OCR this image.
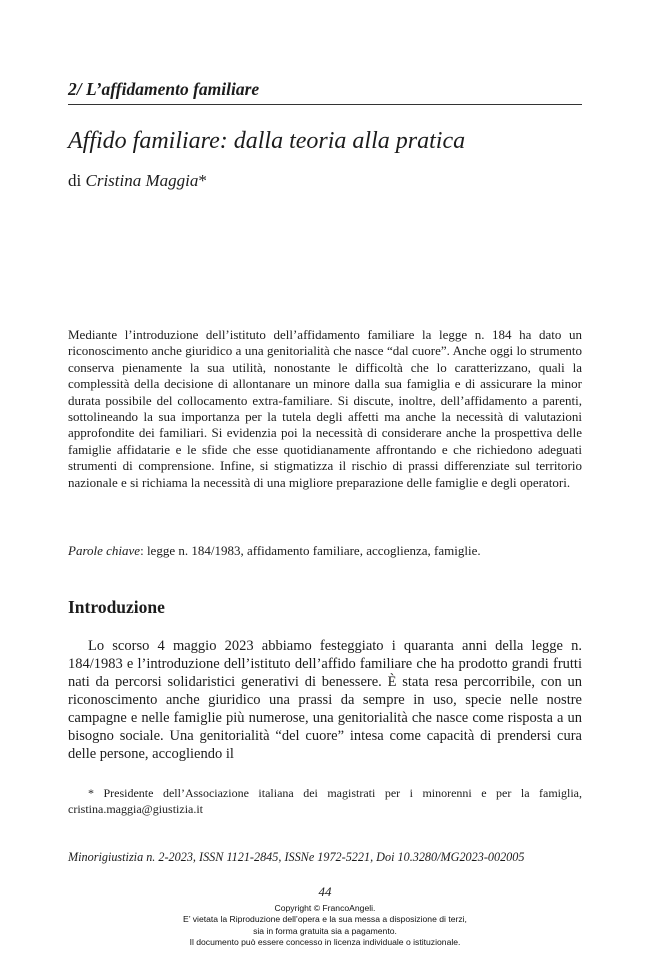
2/ L’affidamento familiare
Affido familiare: dalla teoria alla pratica
di Cristina Maggia*
Mediante l’introduzione dell’istituto dell’affidamento familiare la legge n. 184 ha dato un riconoscimento anche giuridico a una genitorialità che nasce “dal cuore”. Anche oggi lo strumento conserva pienamente la sua utilità, nonostante le difficoltà che lo caratterizzano, quali la complessità della decisione di allontanare un minore dalla sua famiglia e di assicurare la minor durata possibile del collocamento extra-familiare. Si discute, inoltre, dell’affidamento a parenti, sottolineando la sua importanza per la tutela degli affetti ma anche la necessità di valutazioni approfondite dei familiari. Si evidenzia poi la necessità di considerare anche la prospettiva delle famiglie affidatarie e le sfide che esse quotidianamente affrontando e che richiedono adeguati strumenti di comprensione. Infine, si stigmatizza il rischio di prassi differenziate sul territorio nazionale e si richiama la necessità di una migliore preparazione delle famiglie e degli operatori.
Parole chiave: legge n. 184/1983, affidamento familiare, accoglienza, famiglie.
Introduzione
Lo scorso 4 maggio 2023 abbiamo festeggiato i quaranta anni della legge n. 184/1983 e l’introduzione dell’istituto dell’affido familiare che ha prodotto grandi frutti nati da percorsi solidaristici generativi di benessere. È stata resa percorribile, con un riconoscimento anche giuridico una prassi da sempre in uso, specie nelle nostre campagne e nelle famiglie più numerose, una genitorialità che nasce come risposta a un bisogno sociale. Una genitorialità “del cuore” intesa come capacità di prendersi cura delle persone, accogliendo il
* Presidente dell’Associazione italiana dei magistrati per i minorenni e per la famiglia, cristina.maggia@giustizia.it
Minorigiustizia n. 2-2023, ISSN 1121-2845, ISSNe 1972-5221, Doi 10.3280/MG2023-002005
44
Copyright © FrancoAngeli.
E’ vietata la Riproduzione dell’opera e la sua messa a disposizione di terzi,
sia in forma gratuita sia a pagamento.
Il documento può essere concesso in licenza individuale o istituzionale.
